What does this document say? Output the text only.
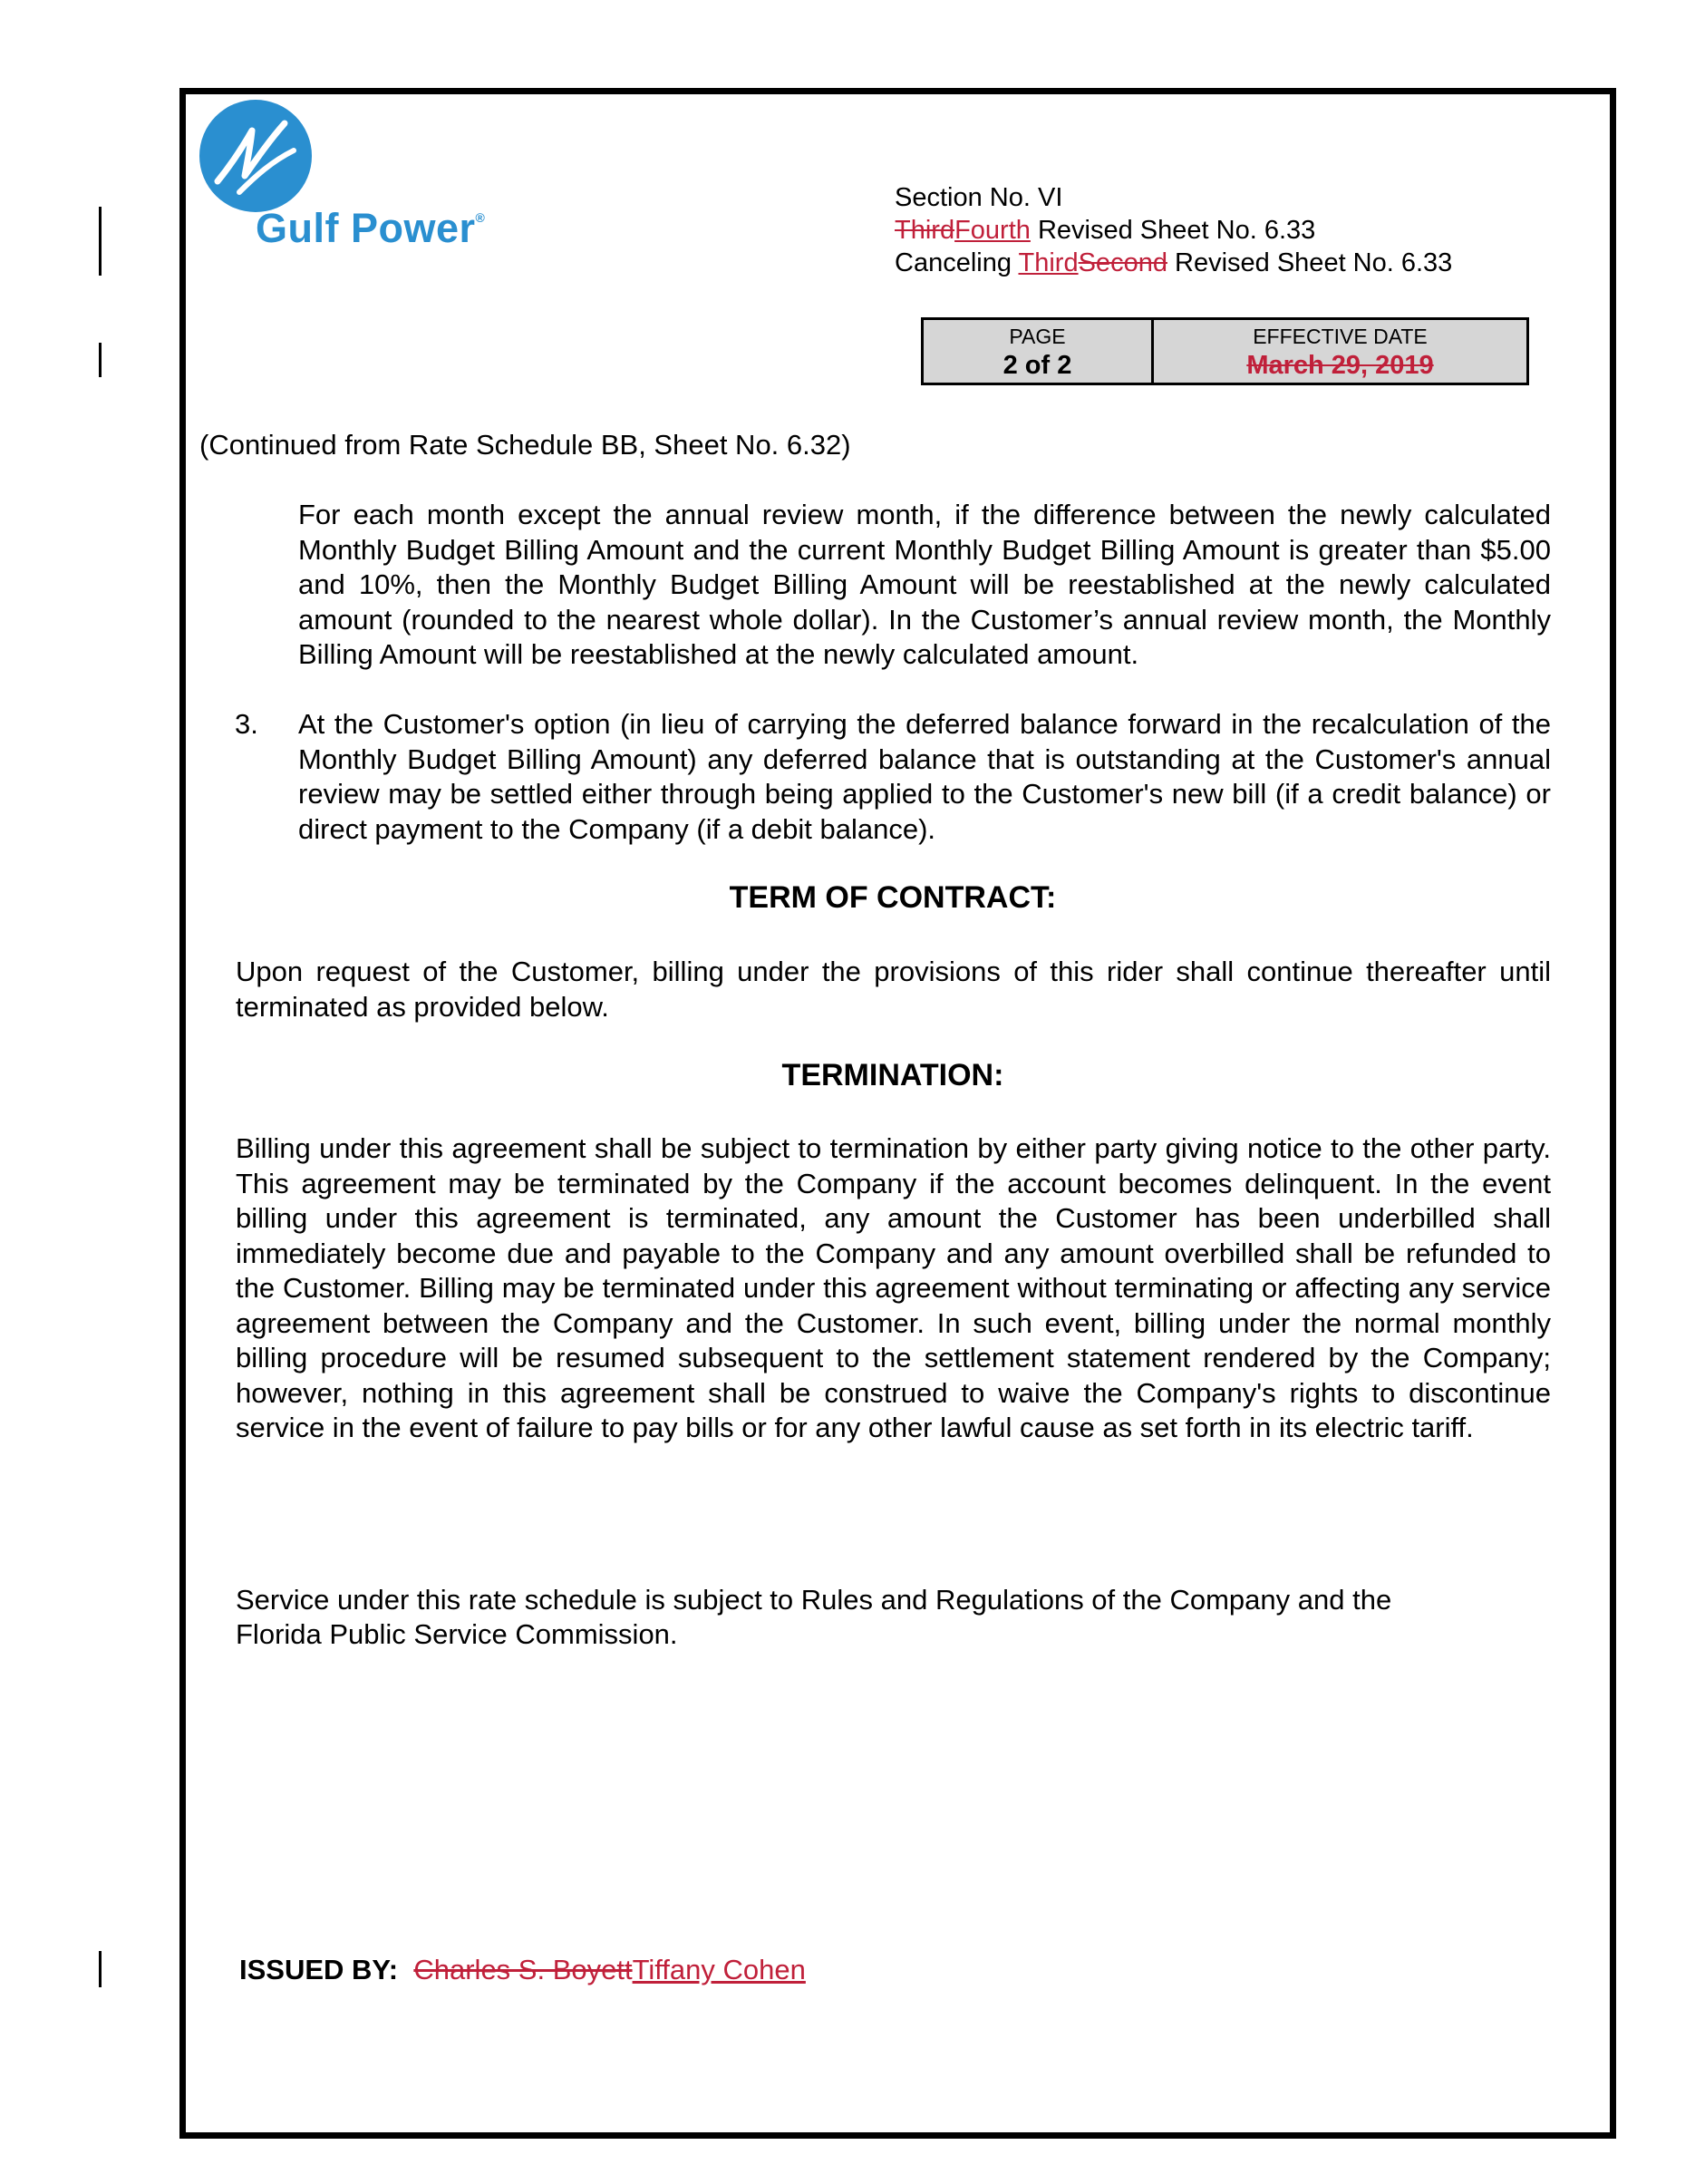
Gulf Power®
Section No. VI
ThirdFourth Revised Sheet No. 6.33
Canceling ThirdSecond Revised Sheet No. 6.33
PAGE
2 of 2

EFFECTIVE DATE
March 29, 2019
(Continued from Rate Schedule BB, Sheet No. 6.32)
For each month except the annual review month, if the difference between the newly calculated Monthly Budget Billing Amount and the current Monthly Budget Billing Amount is greater than $5.00 and 10%, then the Monthly Budget Billing Amount will be reestablished at the newly calculated amount (rounded to the nearest whole dollar). In the Customer’s annual review month, the Monthly Billing Amount will be reestablished at the newly calculated amount.
3. At the Customer's option (in lieu of carrying the deferred balance forward in the recalculation of the Monthly Budget Billing Amount) any deferred balance that is outstanding at the Customer's annual review may be settled either through being applied to the Customer's new bill (if a credit balance) or direct payment to the Company (if a debit balance).
TERM OF CONTRACT:
Upon request of the Customer, billing under the provisions of this rider shall continue thereafter until terminated as provided below.
TERMINATION:
Billing under this agreement shall be subject to termination by either party giving notice to the other party. This agreement may be terminated by the Company if the account becomes delinquent. In the event billing under this agreement is terminated, any amount the Customer has been underbilled shall immediately become due and payable to the Company and any amount overbilled shall be refunded to the Customer. Billing may be terminated under this agreement without terminating or affecting any service agreement between the Company and the Customer. In such event, billing under the normal monthly billing procedure will be resumed subsequent to the settlement statement rendered by the Company; however, nothing in this agreement shall be construed to waive the Company's rights to discontinue service in the event of failure to pay bills or for any other lawful cause as set forth in its electric tariff.
Service under this rate schedule is subject to Rules and Regulations of the Company and the
Florida Public Service Commission.
ISSUED BY: Charles S. BoyettTiffany Cohen
